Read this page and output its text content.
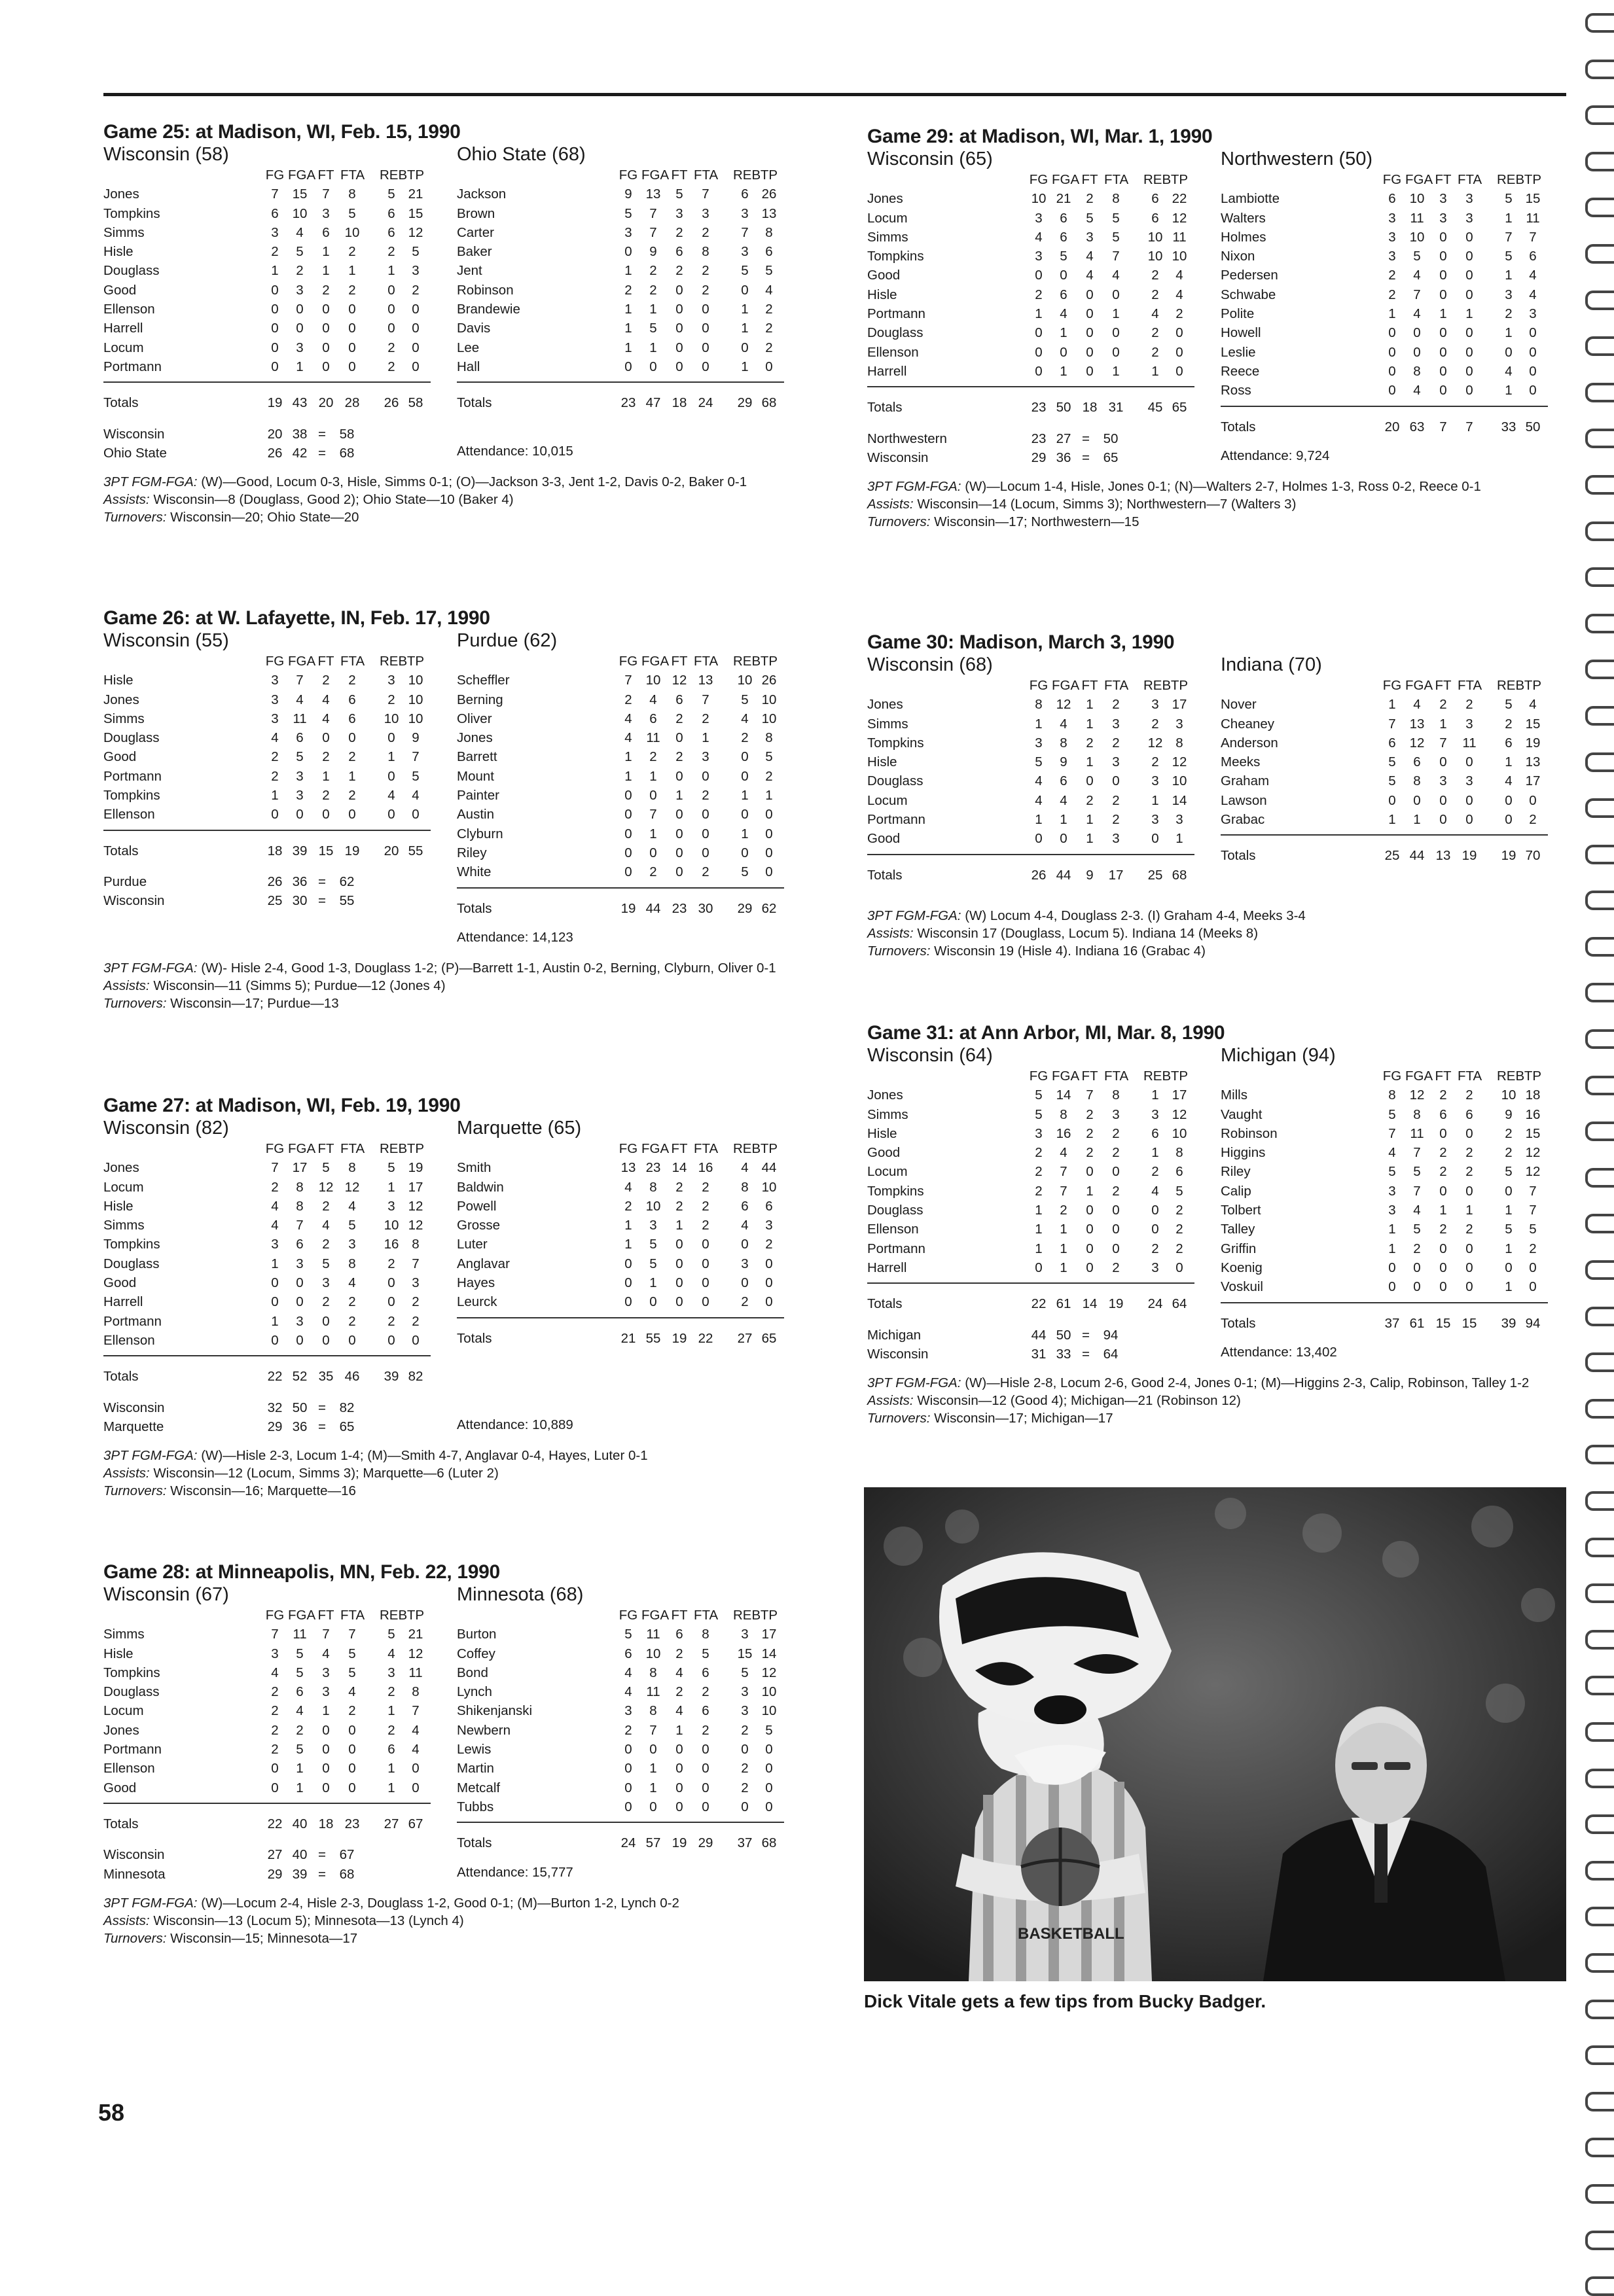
Game 25: at Madison, WI, Feb. 15, 1990
Wisconsin (58)	Ohio State (68)
FG FGA FT FTA REB TP
Jones	7	15	7	8	5 21
Tompkins	6	10	3	5	6 15
Simms	3	4	6	10	6 12
Hisle	2	5	1	2	2	5
Douglass	1	2	1	1	1	3
Good	0	3	2	2	0	2
Ellenson	0	0	0	0	0	0
Harrell	0	0	0	0	0	0
Locum	0	3	0	0	2	0
Portmann	0	1	0	0	2	0
Totals	19 43 20 28	26 58
FG FGA FT FTA REB TP
Jackson	9	13	5	7	6 26
Brown	5	7	3	3	3 13
Carter	3	7	2	2	7	8
Baker	0	9	6	8	3	6
Jent	1	2	2	2	5	5
Robinson	2	2	0	2	0	4
Brandewie	1	1	0	0	1	2
Davis	1	5	0	0	1	2
Lee	1	1	0	0	0	2
Hall	0	0	0	0	1	0
Totals	23 47 18 24	29 68
Wisconsin	20 38 =	58
Ohio State	26 42 =	68	Attendance: 10,015
3PT FGM-FGA: (W)—Good, Locum 0-3, Hisle, Simms 0-1; (O)—Jackson 3-3, Jent 1-2, Davis 0-2, Baker 0-1
Assists: Wisconsin—8 (Douglass, Good 2); Ohio State—10 (Baker 4)
Turnovers: Wisconsin—20; Ohio State—20
Game 26: at W. Lafayette, IN, Feb. 17, 1990
Wisconsin (55)	Purdue (62)
FG FGA FT FTA REB TP
Hisle	3	7	2	2	3 10
Jones	3	4	4	6	2 10
Simms	3	11	4	6	10 10
Douglass	4	6	0	0	0	9
Good	2	5	2	2	1	7
Portmann	2	3	1	1	0	5
Tompkins	1	3	2	2	4	4
Ellenson	0	0	0	0	0	0
Totals	18 39 15 19	20 55
FG FGA FT FTA REB TP
Scheffler	7	10 12 13	10 26
Berning	2	4	6	7	5 10
Oliver	4	6	2	2	4 10
Jones	4	11	0	1	2	8
Barrett	1	2	2	3	0	5
Mount	1	1	0	0	0	2
Painter	0	0	1	2	1	1
Austin	0	7	0	0	0	0
Clyburn	0	1	0	0	1	0
Riley	0	0	0	0	0	0
White	0	2	0	2	5	0
Totals	19 44 23 30	29 62
Purdue	26 36 =	62
Wisconsin	25 30 =	55
Attendance: 14,123
3PT FGM-FGA: (W)- Hisle 2-4, Good 1-3, Douglass 1-2; (P)—Barrett 1-1, Austin 0-2, Berning, Clyburn, Oliver 0-1
Assists: Wisconsin—11 (Simms 5); Purdue—12 (Jones 4)
Turnovers: Wisconsin—17; Purdue—13
Game 27: at Madison, WI, Feb. 19, 1990
Wisconsin (82)	Marquette (65)
FG FGA FT FTA REB TP
Jones	7	17	5	8	5 19
Locum	2	8	12 12	1 17
Hisle	4	8	2	4	3 12
Simms	4	7	4	5	10 12
Tompkins	3	6	2	3	16 8
Douglass	1	3	5	8	2	7
Good	0	0	3	4	0	3
Harrell	0	0	2	2	0	2
Portmann	1	3	0	2	2	2
Ellenson	0	0	0	0	0	0
Totals	22 52 35 46	39 82
FG FGA FT FTA REB TP
Smith	13 23 14 16	4 44
Baldwin	4	8	2	2	8 10
Powell	2	10	2	2	6	6
Grosse	1	3	1	2	4	3
Luter	1	5	0	0	0	2
Anglavar	0	5	0	0	3	0
Hayes	0	1	0	0	0	0
Leurck	0	0	0	0	2	0
Totals	21 55 19 22	27 65
Wisconsin	32 50 =	82
Marquette	29 36 =	65	Attendance: 10,889
3PT FGM-FGA: (W)—Hisle 2-3, Locum 1-4; (M)—Smith 4-7, Anglavar 0-4, Hayes, Luter 0-1
Assists: Wisconsin—12 (Locum, Simms 3); Marquette—6 (Luter 2)
Turnovers: Wisconsin—16; Marquette—16
Game 28: at Minneapolis, MN, Feb. 22, 1990
Wisconsin (67)	Minnesota (68)
FG FGA FT FTA REB TP
Simms	7	11	7	7	5 21
Hisle	3	5	4	5	4 12
Tompkins	4	5	3	5	3	11
Douglass	2	6	3	4	2	8
Locum	2	4	1	2	1	7
Jones	2	2	0	0	2	4
Portmann	2	5	0	0	6	4
Ellenson	0	1	0	0	1	0
Good	0	1	0	0	1	0
Totals	22 40 18 23	27 67
FG FGA FT FTA REB TP
Burton	5	11	6	8	3 17
Coffey	6	10	2	5	15 14
Bond	4	8	4	6	5 12
Lynch	4	11	2	2	3 10
Shikenjanski	3	8	4	6	3 10
Newbern	2	7	1	2	2	5
Lewis	0	0	0	0	0	0
Martin	0	1	0	0	2	0
Metcalf	0	1	0	0	2	0
Tubbs	0	0	0	0	0	0
Totals	24 57 19 29	37 68
Wisconsin	27 40 =	67
Minnesota	29 39 =	68	Attendance: 15,777
3PT FGM-FGA: (W)—Locum 2-4, Hisle 2-3, Douglass 1-2, Good 0-1; (M)—Burton 1-2, Lynch 0-2
Assists: Wisconsin—13 (Locum 5); Minnesota—13 (Lynch 4)
Turnovers: Wisconsin—15; Minnesota—17
Game 29: at Madison, WI, Mar. 1, 1990
Wisconsin (65)	Northwestern (50)
FG FGA FT FTA REB TP
Jones	10 21	2	8	6 22
Locum	3	6	5	5	6 12
Simms	4	6	3	5	10 11
Tompkins	3	5	4	7	10 10
Good	0	0	4	4	2	4
Hisle	2	6	0	0	2	4
Portmann	1	4	0	1	4	2
Douglass	0	1	0	0	2	0
Ellenson	0	0	0	0	2	0
Harrell	0	1	0	1	1	0
Totals	23 50 18 31	45 65
FG FGA FT FTA REB TP
Lambiotte	6	10	3	3	5 15
Walters	3	11	3	3	1	11
Holmes	3	10	0	0	7	7
Nixon	3	5	0	0	5	6
Pedersen	2	4	0	0	1	4
Schwabe	2	7	0	0	3	4
Polite	1	4	1	1	2	3
Howell	0	0	0	0	1	0
Leslie	0	0	0	0	0	0
Reece	0	8	0	0	4	0
Ross	0	4	0	0	1	0
Totals	20 63	7	7	33 50
Northwestern	23 27 =	50
Wisconsin	29 36 =	65	Attendance: 9,724
3PT FGM-FGA: (W)—Locum 1-4, Hisle, Jones 0-1; (N)—Walters 2-7, Holmes 1-3, Ross 0-2, Reece 0-1
Assists: Wisconsin—14 (Locum, Simms 3); Northwestern—7 (Walters 3)
Turnovers: Wisconsin—17; Northwestern—15
Game 30: Madison, March 3, 1990
Wisconsin (68)	Indiana (70)
FG FGA FT FTA REB TP
Jones	8	12	1	2	3 17
Simms	1	4	1	3	2	3
Tompkins	3	8	2	2	12 8
Hisle	5	9	1	3	2 12
Douglass	4	6	0	0	3 10
Locum	4	4	2	2	1 14
Portmann	1	1	1	2	3	3
Good	0	0	1	3	0	1
Totals	26 44	9	17	25 68
FG FGA FT FTA REB TP
Nover	1	4	2	2	5	4
Cheaney	7	13	1	3	2 15
Anderson	6	12	7	11	6 19
Meeks	5	6	0	0	1 13
Graham	5	8	3	3	4 17
Lawson	0	0	0	0	0	0
Grabac	1	1	0	0	0	2
Totals	25 44 13 19	19 70
3PT FGM-FGA: (W) Locum 4-4, Douglass 2-3. (I) Graham 4-4, Meeks 3-4
Assists: Wisconsin 17 (Douglass, Locum 5). Indiana 14 (Meeks 8)
Turnovers: Wisconsin 19 (Hisle 4). Indiana 16 (Grabac 4)
Game 31: at Ann Arbor, MI, Mar. 8, 1990
Wisconsin (64)	Michigan (94)
FG FGA FT FTA REB TP
Jones	5	14	7	8	1 17
Simms	5	8	2	3	3 12
Hisle	3	16	2	2	6 10
Good	2	4	2	2	1	8
Locum	2	7	0	0	2	6
Tompkins	2	7	1	2	4	5
Douglass	1	2	0	0	0	2
Ellenson	1	1	0	0	0	2
Portmann	1	1	0	0	2	2
Harrell	0	1	0	2	3	0
Totals	22 61 14 19	24 64
FG FGA FT FTA REB TP
Mills	8	12	2	2	10 18
Vaught	5	8	6	6	9 16
Robinson	7	11	0	0	2 15
Higgins	4	7	2	2	2 12
Riley	5	5	2	2	5 12
Calip	3	7	0	0	0	7
Tolbert	3	4	1	1	1	7
Talley	1	5	2	2	5	5
Griffin	1	2	0	0	1	2
Koenig	0	0	0	0	0	0
Voskuil	0	0	0	0	1	0
Totals	37 61 15 15	39 94
Michigan	44 50 =	94
Wisconsin	31 33 =	64	Attendance: 13,402
3PT FGM-FGA: (W)—Hisle 2-8, Locum 2-6, Good 2-4, Jones 0-1; (M)—Higgins 2-3, Calip, Robinson, Talley 1-2
Assists: Wisconsin—12 (Good 4); Michigan—21 (Robinson 12)
Turnovers: Wisconsin—17; Michigan—17
BASKETBALL
Dick Vitale gets a few tips from Bucky Badger.
58
